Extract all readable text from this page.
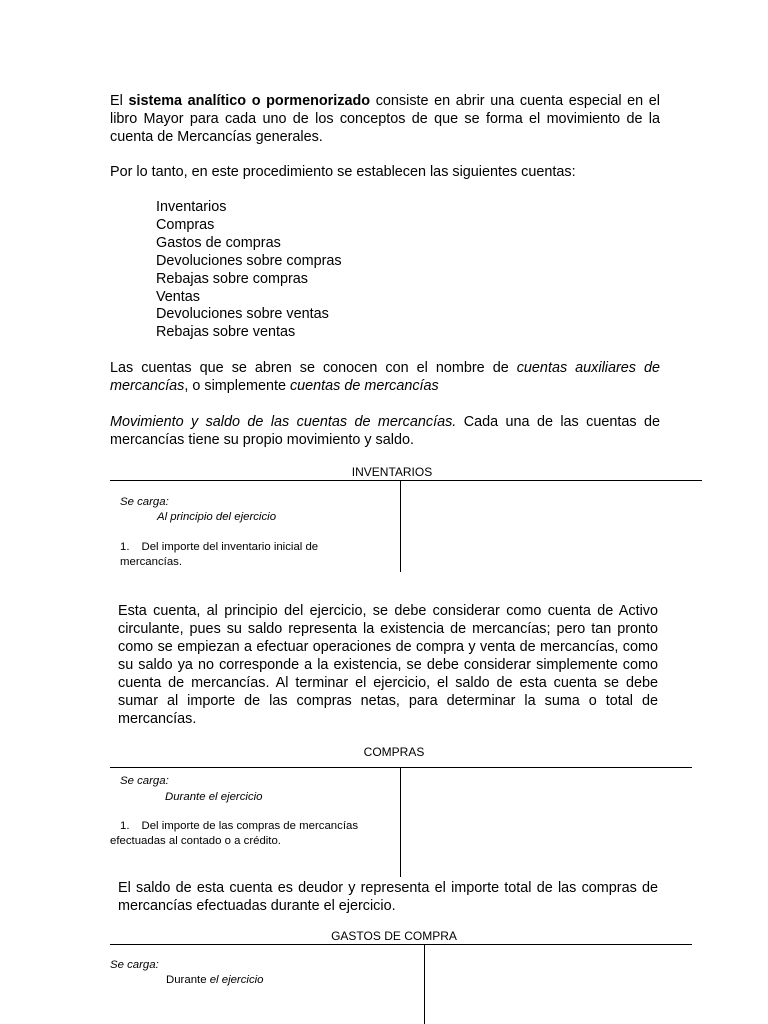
El sistema analítico o pormenorizado consiste en abrir una cuenta especial en el libro Mayor para cada uno de los conceptos de que se forma el movimiento de la cuenta de Mercancías generales.

Por lo tanto, en este procedimiento se establecen las siguientes cuentas:

Inventarios
Compras
Gastos de compras
Devoluciones sobre compras
Rebajas sobre compras
Ventas
Devoluciones sobre ventas
Rebajas sobre ventas

Las cuentas que se abren se conocen con el nombre de cuentas auxiliares de mercancías, o simplemente cuentas de mercancías

Movimiento y saldo de las cuentas de mercancías. Cada una de las cuentas de mercancías tiene su propio movimiento y saldo.

INVENTARIOS
Se carga:
Al principio del ejercicio
1. Del importe del inventario inicial de
mercancías.

Esta cuenta, al principio del ejercicio, se debe considerar como cuenta de Activo circulante, pues su saldo representa la existencia de mercancías; pero tan pronto como se empiezan a efectuar operaciones de compra y venta de mercancías, como su saldo ya no corresponde a la existencia, se debe considerar simplemente como cuenta de mercancías. Al terminar el ejercicio, el saldo de esta cuenta se debe sumar al importe de las compras netas, para determinar la suma o total de mercancías.

COMPRAS
Se carga:
Durante el ejercicio
1. Del importe de las compras de mercancías
efectuadas al contado o a crédito.

El saldo de esta cuenta es deudor y representa el importe total de las compras de mercancías efectuadas durante el ejercicio.

GASTOS DE COMPRA
Se carga:
Durante el ejercicio
